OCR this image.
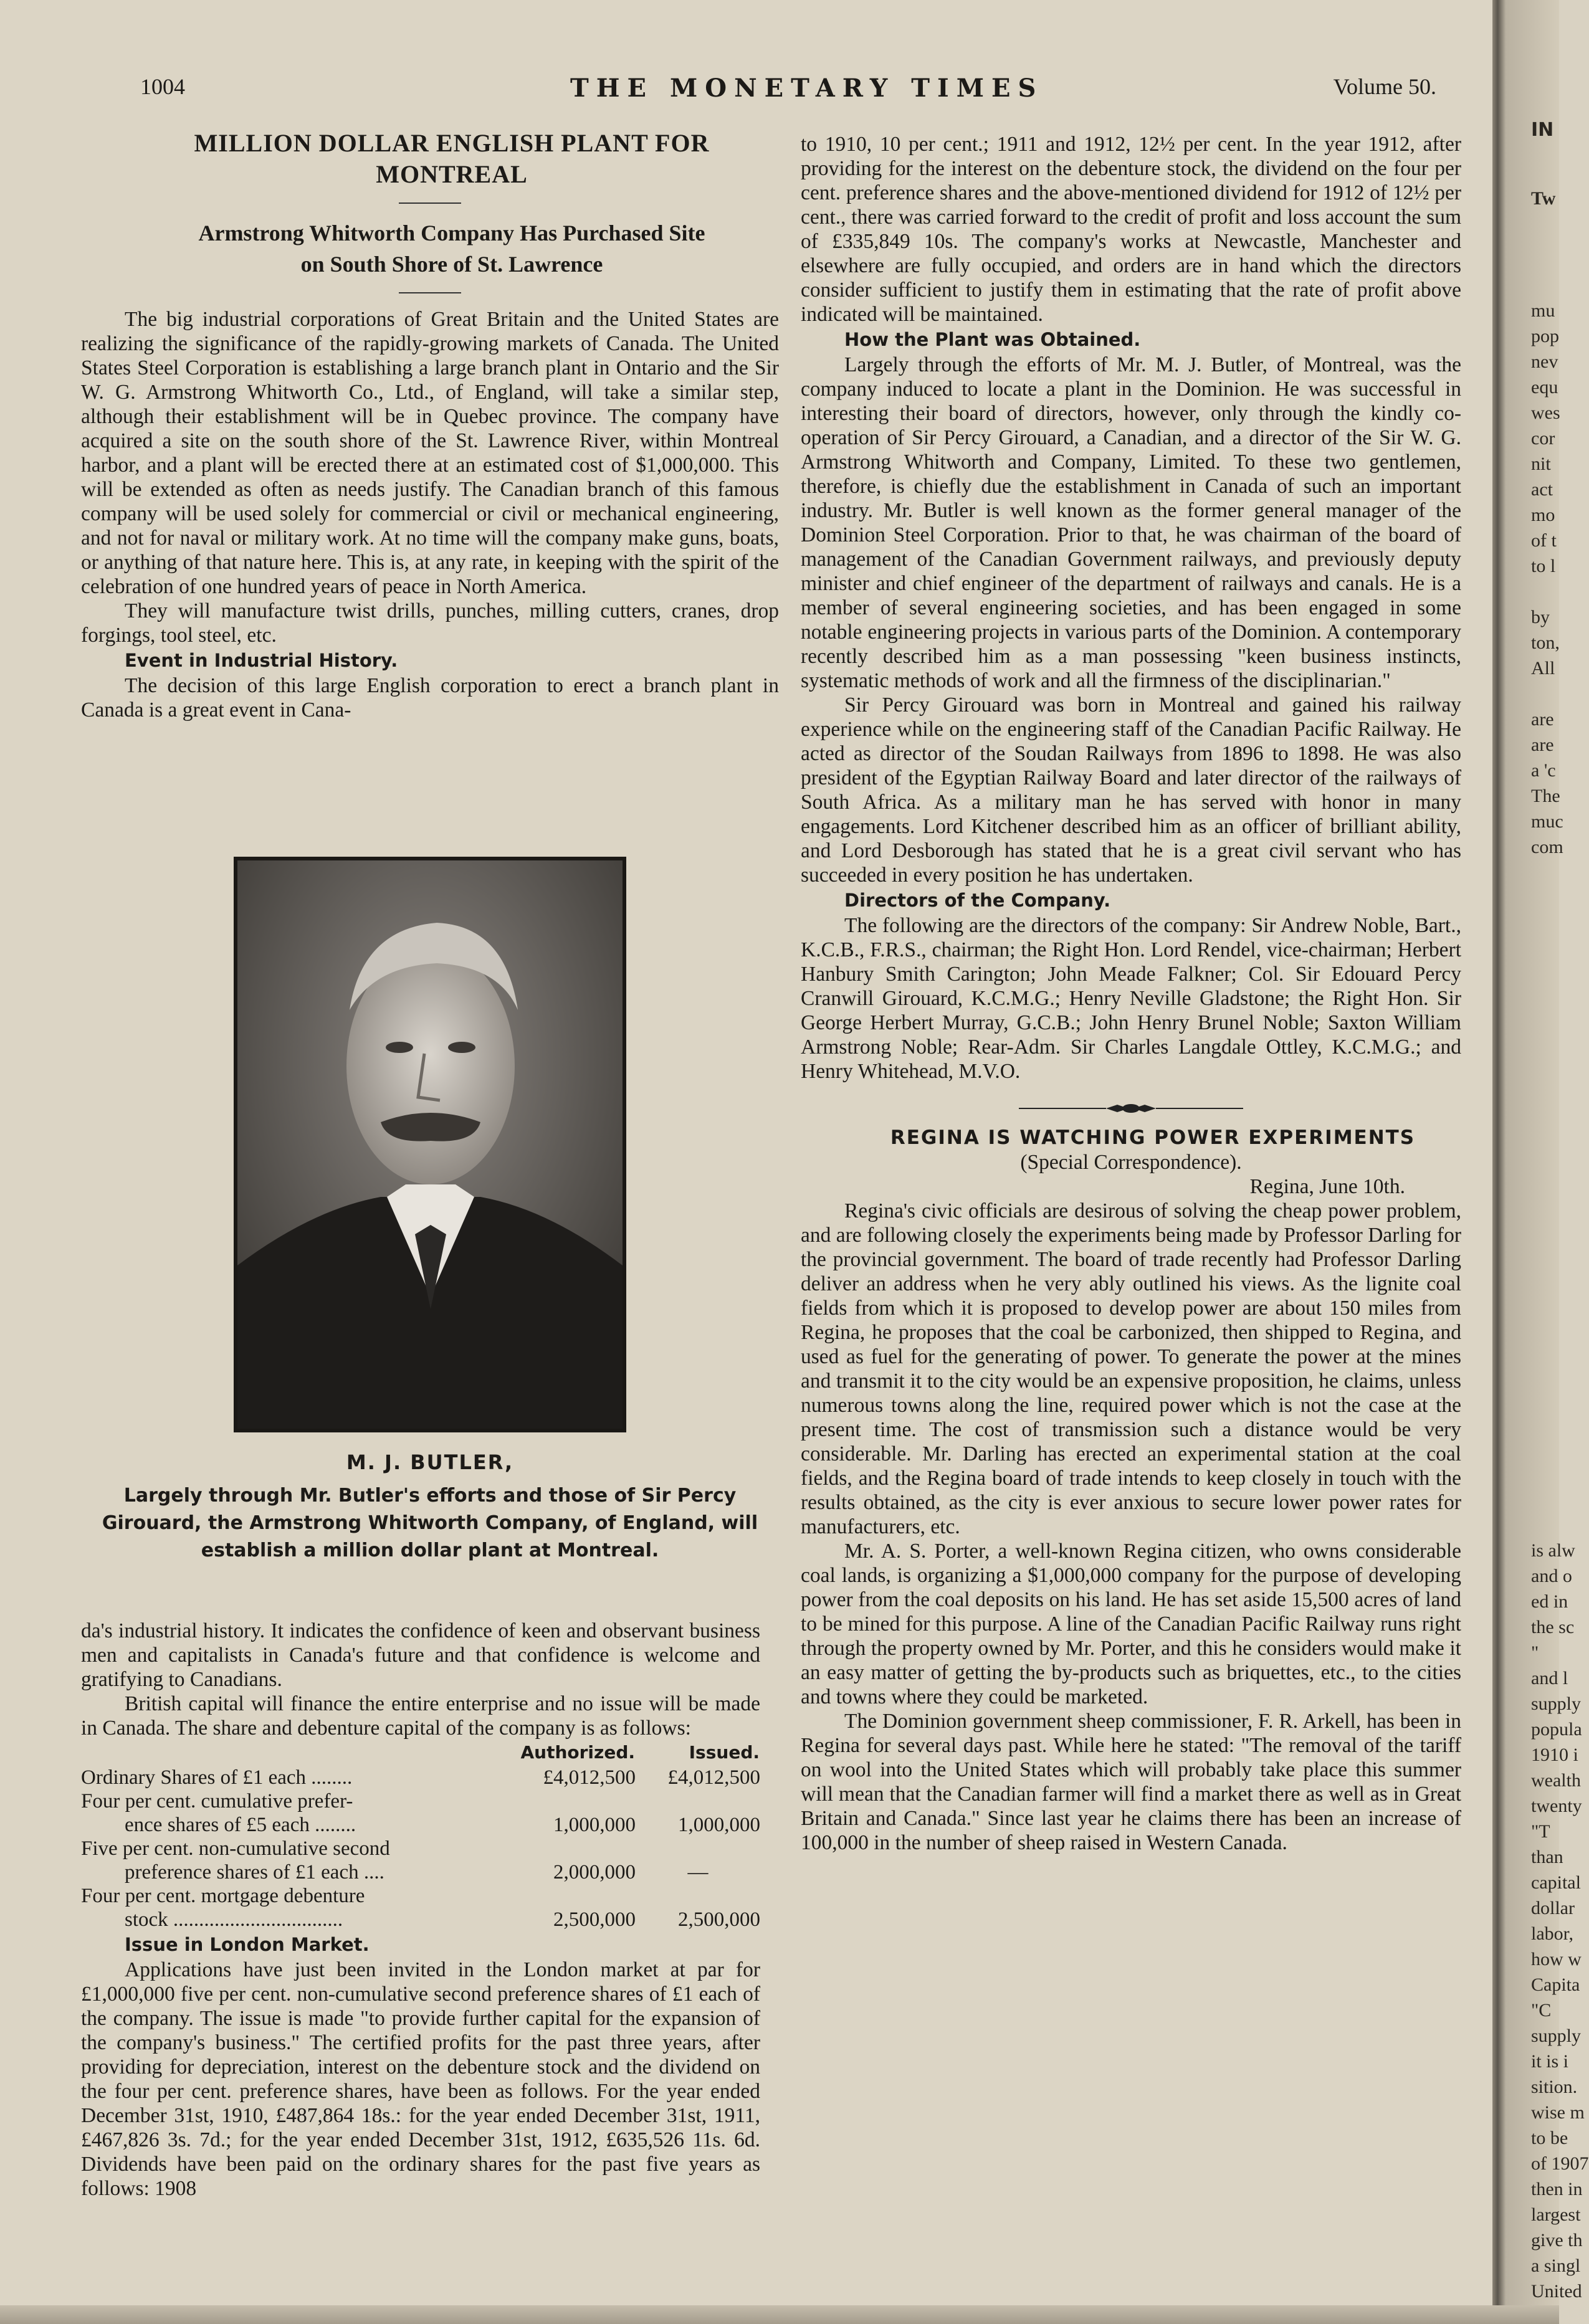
1004	THE MONETARY TIMES	Volume 50.

MILLION DOLLAR ENGLISH PLANT FOR

MONTREAL

Armstrong Whitworth Company Has Purchased Site

on South Shore of St. Lawrence

The big industrial corporations of Great Britain and the United States are realizing the significance of the rapidly-growing markets of Canada. The United States Steel Corporation is establishing a large branch plant in Ontario and the Sir W. G. Armstrong Whitworth Co., Ltd., of England, will take a similar step, although their establishment will be in Quebec province. The company have acquired a site on the south shore of the St. Lawrence River, within Montreal harbor, and a plant will be erected there at an estimated cost of $1,000,000. This will be extended as often as needs justify. The Canadian branch of this famous company will be used solely for commercial or civil or mechanical engineering, and not for naval or military work. At no time will the company make guns, boats, or anything of that nature here. This is, at any rate, in keeping with the spirit of the celebration of one hundred years of peace in North America.

They will manufacture twist drills, punches, milling cutters, cranes, drop forgings, tool steel, etc.

Event in Industrial History.

The decision of this large English corporation to erect a branch plant in Canada is a great event in Cana-

M. J. BUTLER,
Largely through Mr. Butler's efforts and those of Sir Percy Girouard, the Armstrong Whitworth Company, of England, will establish a million dollar plant at Montreal.

da's industrial history. It indicates the confidence of keen and observant business men and capitalists in Canada's future and that confidence is welcome and gratifying to Canadians.

British capital will finance the entire enterprise and no issue will be made in Canada. The share and debenture capital of the company is as follows:

	Authorized.	Issued.
Ordinary Shares of £1 each ........	£4,012,500	£4,012,500
Four per cent. cumulative prefer-		
ence shares of £5 each ........	1,000,000	1,000,000
Five per cent. non-cumulative second		
preference shares of £1 each ....	2,000,000	—
Four per cent. mortgage debenture		
stock .................................	2,500,000	2,500,000

Issue in London Market.

Applications have just been invited in the London market at par for £1,000,000 five per cent. non-cumulative second preference shares of £1 each of the company. The issue is made "to provide further capital for the expansion of the company's business." The certified profits for the past three years, after providing for depreciation, interest on the debenture stock and the dividend on the four per cent. preference shares, have been as follows. For the year ended December 31st, 1910, £487,864 18s.: for the year ended December 31st, 1911, £467,826 3s. 7d.; for the year ended December 31st, 1912, £635,526 11s. 6d. Dividends have been paid on the ordinary shares for the past five years as follows: 1908

to 1910, 10 per cent.; 1911 and 1912, 12½ per cent. In the year 1912, after providing for the interest on the debenture stock, the dividend on the four per cent. preference shares and the above-mentioned dividend for 1912 of 12½ per cent., there was carried forward to the credit of profit and loss account the sum of £335,849 10s. The company's works at Newcastle, Manchester and elsewhere are fully occupied, and orders are in hand which the directors consider sufficient to justify them in estimating that the rate of profit above indicated will be maintained.

How the Plant was Obtained.

Largely through the efforts of Mr. M. J. Butler, of Montreal, was the company induced to locate a plant in the Dominion. He was successful in interesting their board of directors, however, only through the kindly co-operation of Sir Percy Girouard, a Canadian, and a director of the Sir W. G. Armstrong Whitworth and Company, Limited. To these two gentlemen, therefore, is chiefly due the establishment in Canada of such an important industry. Mr. Butler is well known as the former general manager of the Dominion Steel Corporation. Prior to that, he was chairman of the board of management of the Canadian Government railways, and previously deputy minister and chief engineer of the department of railways and canals. He is a member of several engineering societies, and has been engaged in some notable engineering projects in various parts of the Dominion. A contemporary recently described him as a man possessing "keen business instincts, systematic methods of work and all the firmness of the disciplinarian."

Sir Percy Girouard was born in Montreal and gained his railway experience while on the engineering staff of the Canadian Pacific Railway. He acted as director of the Soudan Railways from 1896 to 1898. He was also president of the Egyptian Railway Board and later director of the railways of South Africa. As a military man he has served with honor in many engagements. Lord Kitchener described him as an officer of brilliant ability, and Lord Desborough has stated that he is a great civil servant who has succeeded in every position he has undertaken.

Directors of the Company.

The following are the directors of the company: Sir Andrew Noble, Bart., K.C.B., F.R.S., chairman; the Right Hon. Lord Rendel, vice-chairman; Herbert Hanbury Smith Carington; John Meade Falkner; Col. Sir Edouard Percy Cranwill Girouard, K.C.M.G.; Henry Neville Gladstone; the Right Hon. Sir George Herbert Murray, G.C.B.; John Henry Brunel Noble; Saxton William Armstrong Noble; Rear-Adm. Sir Charles Langdale Ottley, K.C.M.G.; and Henry Whitehead, M.V.O.

REGINA IS WATCHING POWER EXPERIMENTS

(Special Correspondence).

Regina, June 10th.

Regina's civic officials are desirous of solving the cheap power problem, and are following closely the experiments being made by Professor Darling for the provincial government. The board of trade recently had Professor Darling deliver an address when he very ably outlined his views. As the lignite coal fields from which it is proposed to develop power are about 150 miles from Regina, he proposes that the coal be carbonized, then shipped to Regina, and used as fuel for the generating of power. To generate the power at the mines and transmit it to the city would be an expensive proposition, he claims, unless numerous towns along the line, required power which is not the case at the present time. The cost of transmission such a distance would be very considerable. Mr. Darling has erected an experimental station at the coal fields, and the Regina board of trade intends to keep closely in touch with the results obtained, as the city is ever anxious to secure lower power rates for manufacturers, etc.

Mr. A. S. Porter, a well-known Regina citizen, who owns considerable coal lands, is organizing a $1,000,000 company for the purpose of developing power from the coal deposits on his land. He has set aside 15,500 acres of land to be mined for this purpose. A line of the Canadian Pacific Railway runs right through the property owned by Mr. Porter, and this he considers would make it an easy matter of getting the by-products such as briquettes, etc., to the cities and towns where they could be marketed.

The Dominion government sheep commissioner, F. R. Arkell, has been in Regina for several days past. While here he stated: "The removal of the tariff on wool into the United States which will probably take place this summer will mean that the Canadian farmer will find a market there as well as in Great Britain and Canada." Since last year he claims there has been an increase of 100,000 in the number of sheep raised in Western Canada.

IN
Tw
mu
pop
nev
equ
wes
cor
nit
act
mo
of t
to l
by
ton,
All
are
are
a 'c
The
muc
com
is alw
and o
ed in
the sc
"
and l
supply
popula
1910 i
wealth
twenty
"T
than
capital
dollar
labor,
how w
Capita
"C
supply
it is i
sition.
wise m
to be
of 1907
then in
largest
give th
a singl
United
